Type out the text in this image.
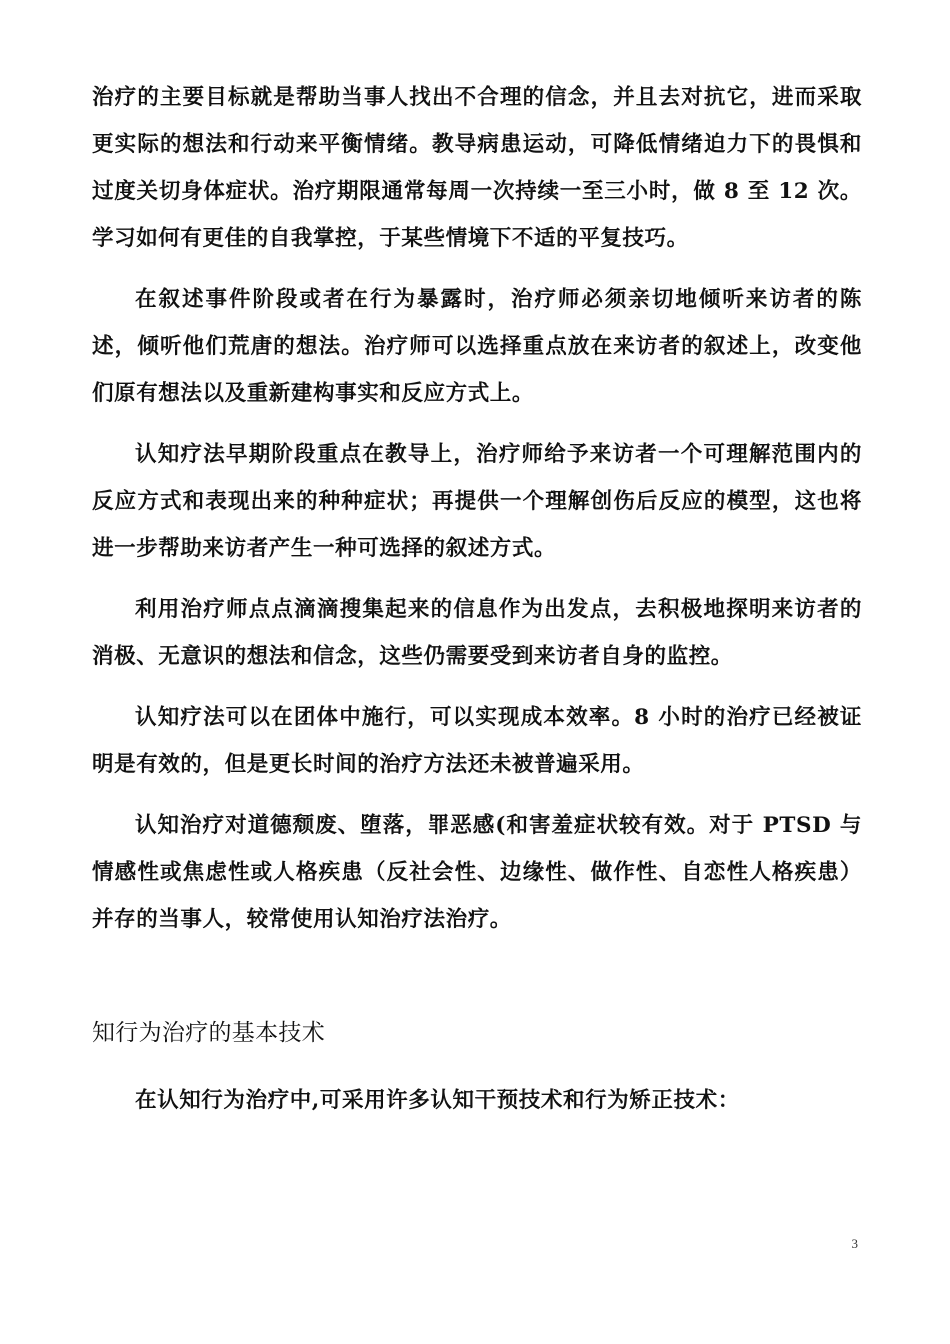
治疗的主要目标就是帮助当事人找出不合理的信念，并且去对抗它，进而采取更实际的想法和行动来平衡情绪。教导病患运动，可降低情绪迫力下的畏惧和过度关切身体症状。治疗期限通常每周一次持续一至三小时，做 8 至 12 次。学习如何有更佳的自我掌控，于某些情境下不适的平复技巧。

在叙述事件阶段或者在行为暴露时，治疗师必须亲切地倾听来访者的陈述，倾听他们荒唐的想法。治疗师可以选择重点放在来访者的叙述上，改变他们原有想法以及重新建构事实和反应方式上。

认知疗法早期阶段重点在教导上，治疗师给予来访者一个可理解范围内的反应方式和表现出来的种种症状；再提供一个理解创伤后反应的模型，这也将进一步帮助来访者产生一种可选择的叙述方式。

利用治疗师点点滴滴搜集起来的信息作为出发点，去积极地探明来访者的消极、无意识的想法和信念，这些仍需要受到来访者自身的监控。

认知疗法可以在团体中施行，可以实现成本效率。8 小时的治疗已经被证明是有效的，但是更长时间的治疗方法还未被普遍采用。

认知治疗对道德颓废、堕落，罪恶感(和害羞症状较有效。对于 PTSD 与情感性或焦虑性或人格疾患（反社会性、边缘性、做作性、自恋性人格疾患）并存的当事人，较常使用认知治疗法治疗。

知行为治疗的基本技术

在认知行为治疗中,可采用许多认知干预技术和行为矫正技术：

3
